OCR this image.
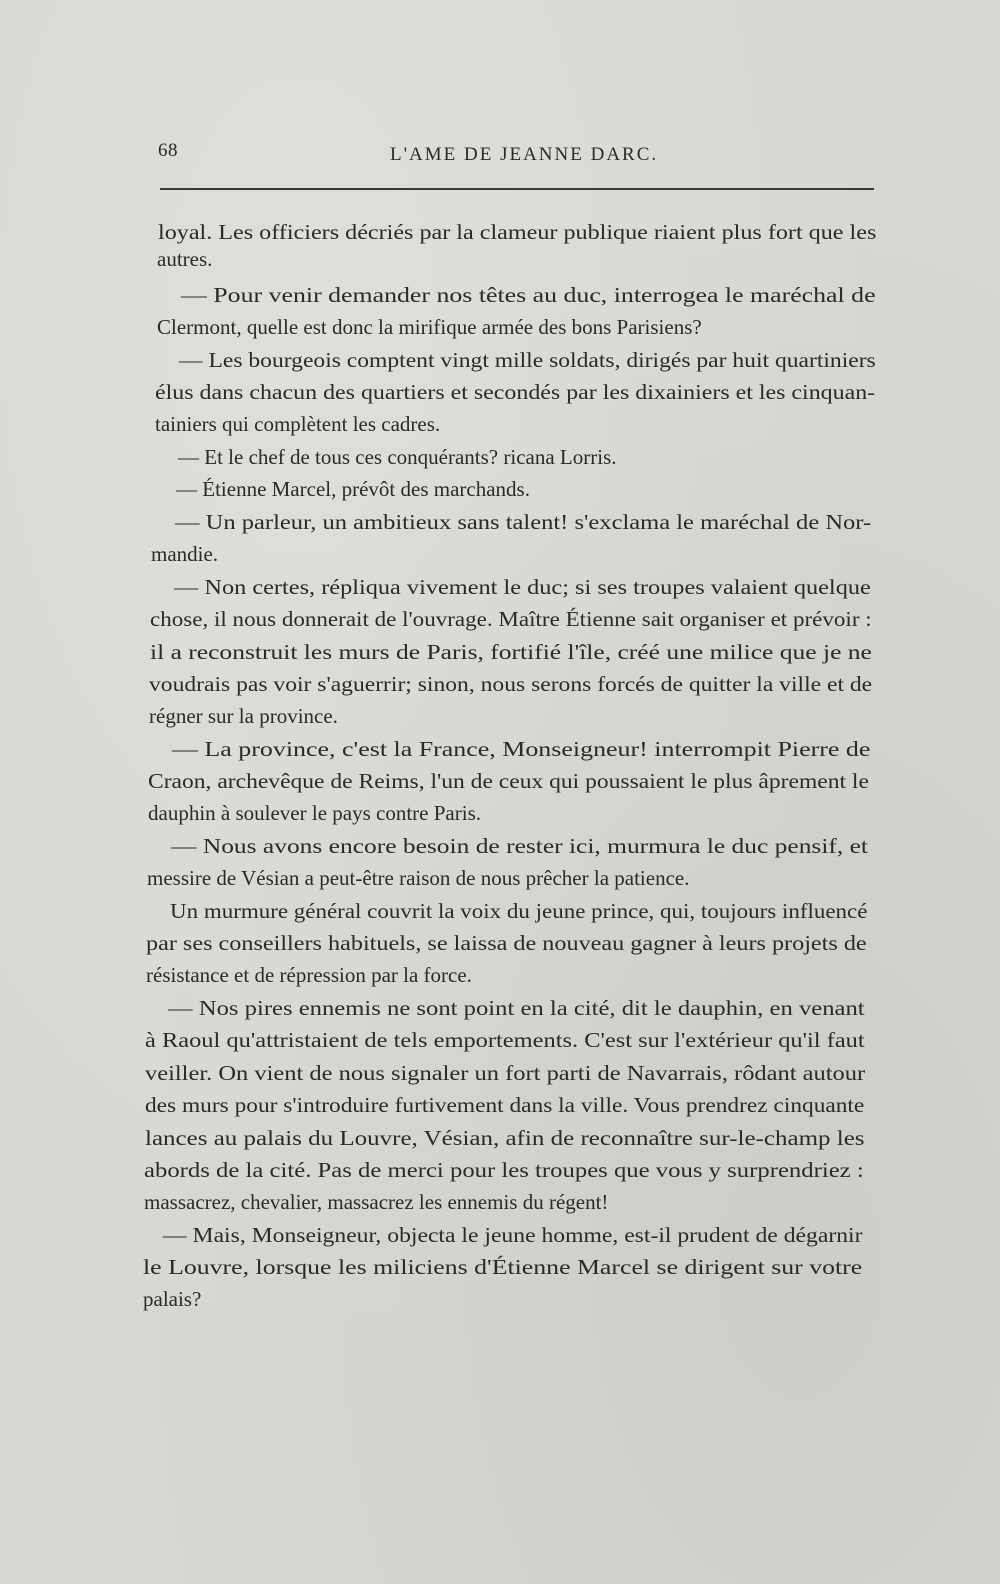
68	L'AME DE JEANNE DARC.
loyal. Les officiers décriés par la clameur publique riaient plus fort que les
autres.
— Pour venir demander nos têtes au duc, interrogea le maréchal de
Clermont, quelle est donc la mirifique armée des bons Parisiens?
— Les bourgeois comptent vingt mille soldats, dirigés par huit quartiniers
élus dans chacun des quartiers et secondés par les dixainiers et les cinquan-
tainiers qui complètent les cadres.
— Et le chef de tous ces conquérants? ricana Lorris.
— Étienne Marcel, prévôt des marchands.
— Un parleur, un ambitieux sans talent! s'exclama le maréchal de Nor-
mandie.
— Non certes, répliqua vivement le duc; si ses troupes valaient quelque
chose, il nous donnerait de l'ouvrage. Maître Étienne sait organiser et prévoir :
il a reconstruit les murs de Paris, fortifié l'île, créé une milice que je ne
voudrais pas voir s'aguerrir; sinon, nous serons forcés de quitter la ville et de
régner sur la province.
— La province, c'est la France, Monseigneur! interrompit Pierre de
Craon, archevêque de Reims, l'un de ceux qui poussaient le plus âprement le
dauphin à soulever le pays contre Paris.
— Nous avons encore besoin de rester ici, murmura le duc pensif, et
messire de Vésian a peut-être raison de nous prêcher la patience.
Un murmure général couvrit la voix du jeune prince, qui, toujours influencé
par ses conseillers habituels, se laissa de nouveau gagner à leurs projets de
résistance et de répression par la force.
— Nos pires ennemis ne sont point en la cité, dit le dauphin, en venant
à Raoul qu'attristaient de tels emportements. C'est sur l'extérieur qu'il faut
veiller. On vient de nous signaler un fort parti de Navarrais, rôdant autour
des murs pour s'introduire furtivement dans la ville. Vous prendrez cinquante
lances au palais du Louvre, Vésian, afin de reconnaître sur-le-champ les
abords de la cité. Pas de merci pour les troupes que vous y surprendriez :
massacrez, chevalier, massacrez les ennemis du régent!
— Mais, Monseigneur, objecta le jeune homme, est-il prudent de dégarnir
le Louvre, lorsque les miliciens d'Étienne Marcel se dirigent sur votre
palais?
